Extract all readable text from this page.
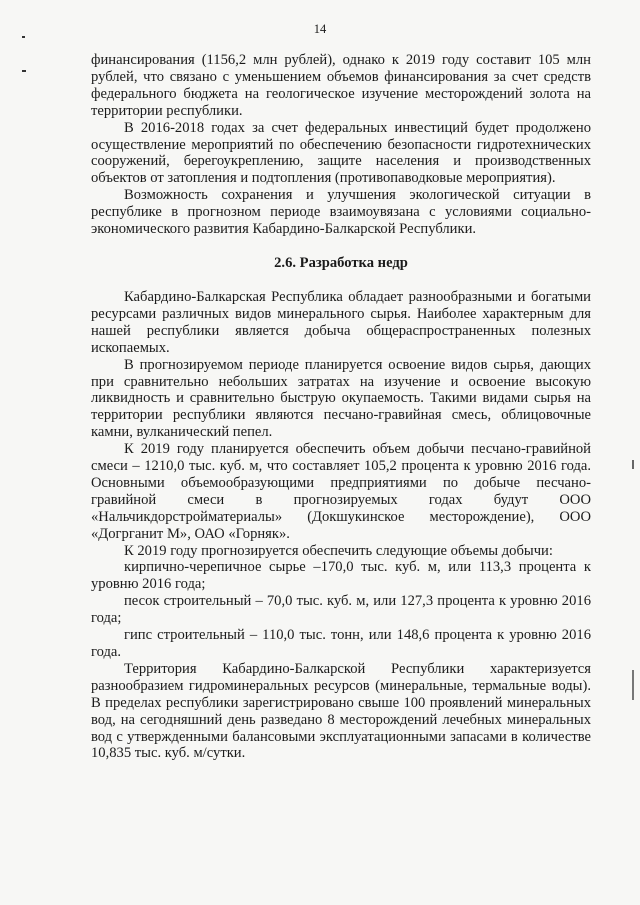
14

финансирования (1156,2 млн рублей), однако к 2019 году составит 105 млн рублей, что связано с уменьшением объемов финансирования за счет средств федерального бюджета на геологическое изучение месторождений золота на территории республики.

В 2016-2018 годах за счет федеральных инвестиций будет продолжено осуществление мероприятий по обеспечению безопасности гидротехнических сооружений, берегоукреплению, защите населения и производственных объектов от затопления и подтопления (противопаводковые мероприятия).

Возможность сохранения и улучшения экологической ситуации в республике в прогнозном периоде взаимоувязана с условиями социально-экономического развития Кабардино-Балкарской Республики.

2.6. Разработка недр

Кабардино-Балкарская Республика обладает разнообразными и богатыми ресурсами различных видов минерального сырья. Наиболее характерным для нашей республики является добыча общераспространенных полезных ископаемых.

В прогнозируемом периоде планируется освоение видов сырья, дающих при сравнительно небольших затратах на изучение и освоение высокую ликвидность и сравнительно быструю окупаемость. Такими видами сырья на территории республики являются песчано-гравийная смесь, облицовочные камни, вулканический пепел.

К 2019 году планируется обеспечить объем добычи песчано-гравийной смеси – 1210,0 тыс. куб. м, что составляет 105,2 процента к уровню 2016 года. Основными объемообразующими предприятиями по добыче песчано-гравийной смеси в прогнозируемых годах будут ООО «Нальчикдорстройматериалы» (Докшукинское месторождение), ООО «Догрганит М», ОАО «Горняк».

К 2019 году прогнозируется обеспечить следующие объемы добычи:

кирпично-черепичное сырье –170,0 тыс. куб. м, или 113,3 процента к уровню 2016 года;

песок строительный – 70,0 тыс. куб. м, или 127,3 процента к уровню 2016 года;

гипс строительный – 110,0 тыс. тонн, или 148,6 процента к уровню 2016 года.

Территория Кабардино-Балкарской Республики характеризуется разнообразием гидроминеральных ресурсов (минеральные, термальные воды). В пределах республики зарегистрировано свыше 100 проявлений минеральных вод, на сегодняшний день разведано 8 месторождений лечебных минеральных вод с утвержденными балансовыми эксплуатационными запасами в количестве 10,835 тыс. куб. м/сутки.
